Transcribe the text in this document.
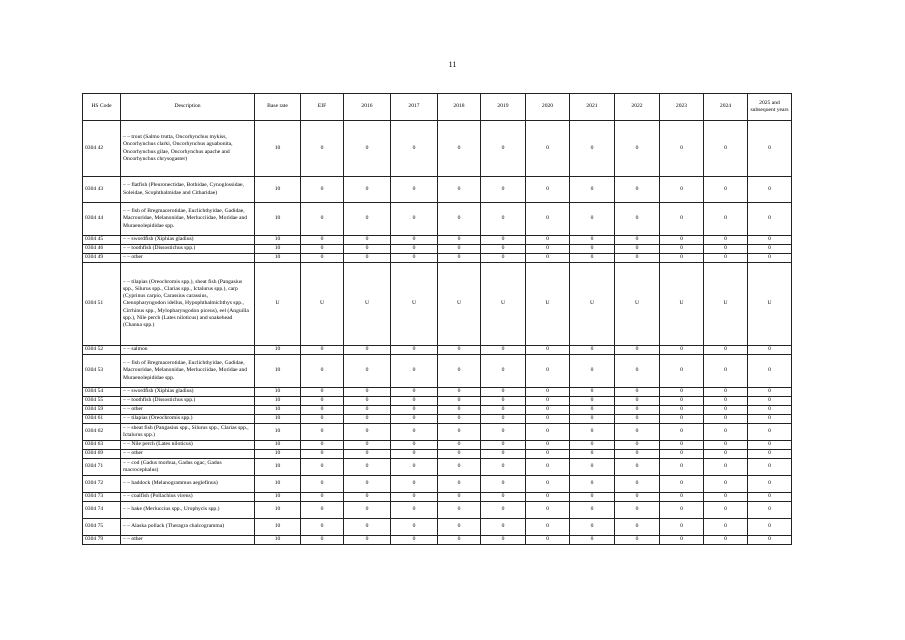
11
HS Code	Description	Base rate	EIF	2016	2017	2018	2019	2020	2021	2022	2023	2024	2025 and subsequent years
0304 42	– – trout (Salmo trutta, Oncorhynchus mykiss, Oncorhynchus clarki, Oncorhynchus aguabonita, Oncorhynchus gilae, Oncorhynchus apache and Oncorhynchus chrysogaster)	10	0	0	0	0	0	0	0	0	0	0	0
0304 43	– – flatfish (Pleuronectidae, Bothidae, Cynoglossidae, Soleidae, Scophthalmidae and Citharidae)	10	0	0	0	0	0	0	0	0	0	0	0
0304 44	– – fish of Bregmacerotidae, Euclichthyidae, Gadidae, Macrouridae, Melanonidae, Merlucciidae, Moridae and Muraenolepididae spp.	10	0	0	0	0	0	0	0	0	0	0	0
0304 45	– – swordfish (Xiphias gladius)	10	0	0	0	0	0	0	0	0	0	0	0
0304 46	– – toothfish (Dissostichus spp.)	10	0	0	0	0	0	0	0	0	0	0	0
0304 49	– – other	10	0	0	0	0	0	0	0	0	0	0	0
0304 51	– – tilapias (Oreochromis spp.), sheat fish (Pangasius spp., Silurus spp., Clarias spp., Ictalurus spp.), carp (Cyprinus carpio, Carassius carassius, Ctenopharyngodon idellus, Hypophthalmichthys spp., Cirrhinus spp., Mylopharyngodon piceus), eel (Anguilla spp.), Nile perch (Lates niloticus) and snakehead (Channa spp.)	U	U	U	U	U	U	U	U	U	U	U	U
0304 52	– – salmon	10	0	0	0	0	0	0	0	0	0	0	0
0304 53	– – fish of Bregmacerotidae, Euclichthyidae, Gadidae, Macrouridae, Melanonidae, Merlucciidae, Moridae and Muraenolepididae spp.	10	0	0	0	0	0	0	0	0	0	0	0
0304 54	– – swordfish (Xiphias gladius)	10	0	0	0	0	0	0	0	0	0	0	0
0304 55	– – toothfish (Dissostichus spp.)	10	0	0	0	0	0	0	0	0	0	0	0
0304 59	– – other	10	0	0	0	0	0	0	0	0	0	0	0
0304 61	– – tilapias (Oreochromis spp.)	10	0	0	0	0	0	0	0	0	0	0	0
0304 62	– – sheat fish (Pangasius spp., Silurus spp., Clarias spp., Ictalurus spp.)	10	0	0	0	0	0	0	0	0	0	0	0
0304 63	– – Nile perch (Lates niloticus)	10	0	0	0	0	0	0	0	0	0	0	0
0304 69	– – other	10	0	0	0	0	0	0	0	0	0	0	0
0304 71	– – cod (Gadus morhua, Gadus ogac, Gadus macrocephalus)	10	0	0	0	0	0	0	0	0	0	0	0
0304 72	– – haddock (Melanogrammus aeglefinus)	10	0	0	0	0	0	0	0	0	0	0	0
0304 73	– – coalfish (Pollachius virens)	10	0	0	0	0	0	0	0	0	0	0	0
0304 74	– – hake (Merluccius spp., Urophycis spp.)	10	0	0	0	0	0	0	0	0	0	0	0
0304 75	– – Alaska pollack (Theragra chalcogramma)	10	0	0	0	0	0	0	0	0	0	0	0
0304 79	– – other	10	0	0	0	0	0	0	0	0	0	0	0
